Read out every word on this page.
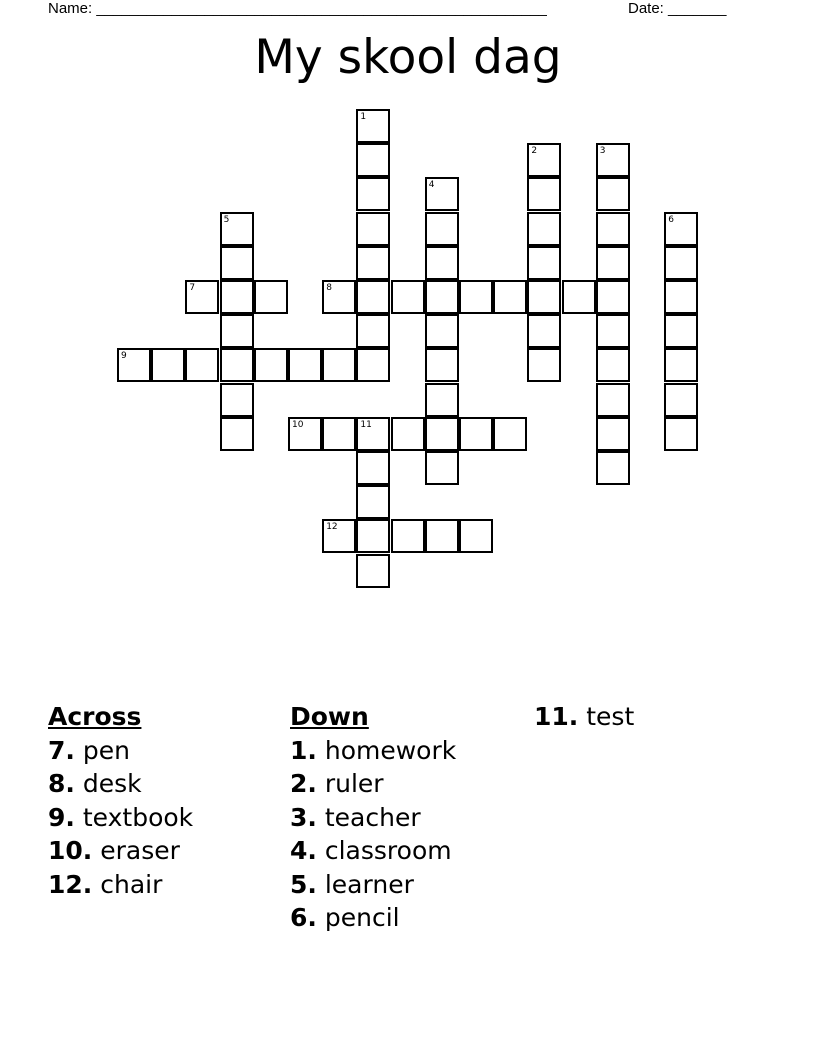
Name: ______________________________________________________	Date: _______
My skool dag
1
2	3
4
5	6
11
7	8
9
10
12
Across
7. pen
8. desk
9. textbook
10. eraser
12. chair
Down
1. homework
2. ruler
3. teacher
4. classroom
5. learner
6. pencil
11. test
